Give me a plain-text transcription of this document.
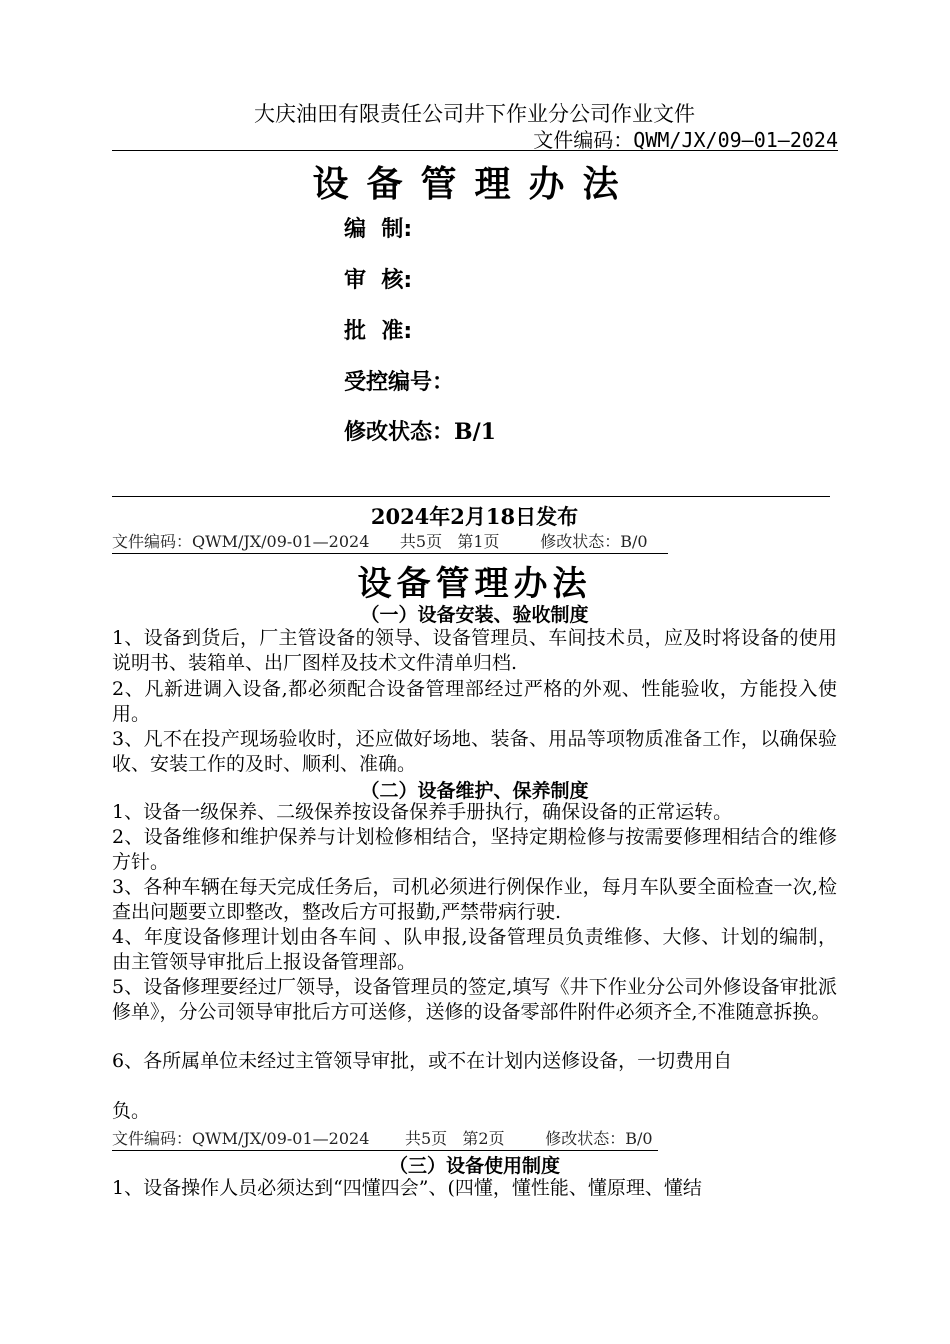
大庆油田有限责任公司井下作业分公司作业文件
文件编码：QWM/JX/09—01—2024
设备管理办法
编  制:
审  核:
批  准:
受控编号：
修改状态：B/1
2024年2月18日发布
文件编码：QWM/JX/09-01—2024      共5页   第1页        修改状态：B/0
设备管理办法
（一）设备安装、验收制度
1、设备到货后，厂主管设备的领导、设备管理员、车间技术员，应及时将设备的使用说明书、装箱单、出厂图样及技术文件清单归档.
2、凡新进调入设备,都必须配合设备管理部经过严格的外观、性能验收，方能投入使用。
3、凡不在投产现场验收时，还应做好场地、装备、用品等项物质准备工作，以确保验收、安装工作的及时、顺利、准确。
（二）设备维护、保养制度
1、设备一级保养、二级保养按设备保养手册执行，确保设备的正常运转。
2、设备维修和维护保养与计划检修相结合，坚持定期检修与按需要修理相结合的维修方针。
3、各种车辆在每天完成任务后，司机必须进行例保作业，每月车队要全面检查一次,检查出问题要立即整改，整改后方可报勤,严禁带病行驶.
4、年度设备修理计划由各车间 、队申报,设备管理员负责维修、大修、计划的编制，由主管领导审批后上报设备管理部。
5、设备修理要经过厂领导，设备管理员的签定,填写《井下作业分公司外修设备审批派修单》，分公司领导审批后方可送修，送修的设备零部件附件必须齐全,不准随意拆换。
6、各所属单位未经过主管领导审批，或不在计划内送修设备，一切费用自
负。
文件编码：QWM/JX/09-01—2024       共5页   第2页        修改状态：B/0
（三）设备使用制度
1、设备操作人员必须达到“四懂四会”、(四懂，懂性能、懂原理、懂结
